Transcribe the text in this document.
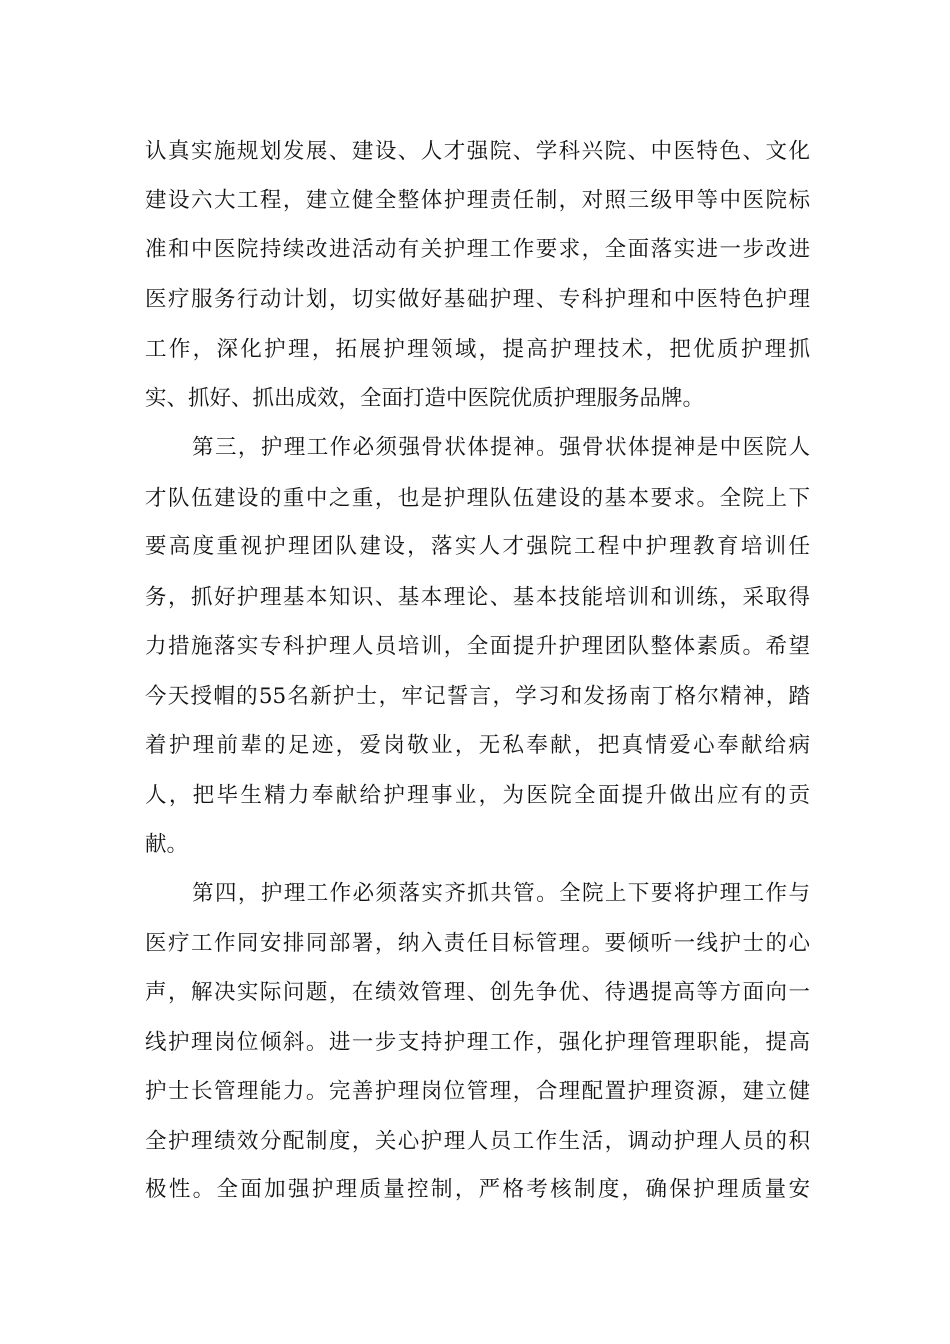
认真实施规划发展、建设、人才强院、学科兴院、中医特色、文化
建设六大工程，建立健全整体护理责任制，对照三级甲等中医院标
准和中医院持续改进活动有关护理工作要求，全面落实进一步改进
医疗服务行动计划，切实做好基础护理、专科护理和中医特色护理
工作，深化护理，拓展护理领域，提高护理技术，把优质护理抓
实、抓好、抓出成效，全面打造中医院优质护理服务品牌。
第三，护理工作必须强骨状体提神。强骨状体提神是中医院人
才队伍建设的重中之重，也是护理队伍建设的基本要求。全院上下
要高度重视护理团队建设，落实人才强院工程中护理教育培训任
务，抓好护理基本知识、基本理论、基本技能培训和训练，采取得
力措施落实专科护理人员培训，全面提升护理团队整体素质。希望
今天授帽的55名新护士，牢记誓言，学习和发扬南丁格尔精神，踏
着护理前辈的足迹，爱岗敬业，无私奉献，把真情爱心奉献给病
人，把毕生精力奉献给护理事业，为医院全面提升做出应有的贡
献。
第四，护理工作必须落实齐抓共管。全院上下要将护理工作与
医疗工作同安排同部署，纳入责任目标管理。要倾听一线护士的心
声，解决实际问题，在绩效管理、创先争优、待遇提高等方面向一
线护理岗位倾斜。进一步支持护理工作，强化护理管理职能，提高
护士长管理能力。完善护理岗位管理，合理配置护理资源，建立健
全护理绩效分配制度，关心护理人员工作生活，调动护理人员的积
极性。全面加强护理质量控制，严格考核制度，确保护理质量安
